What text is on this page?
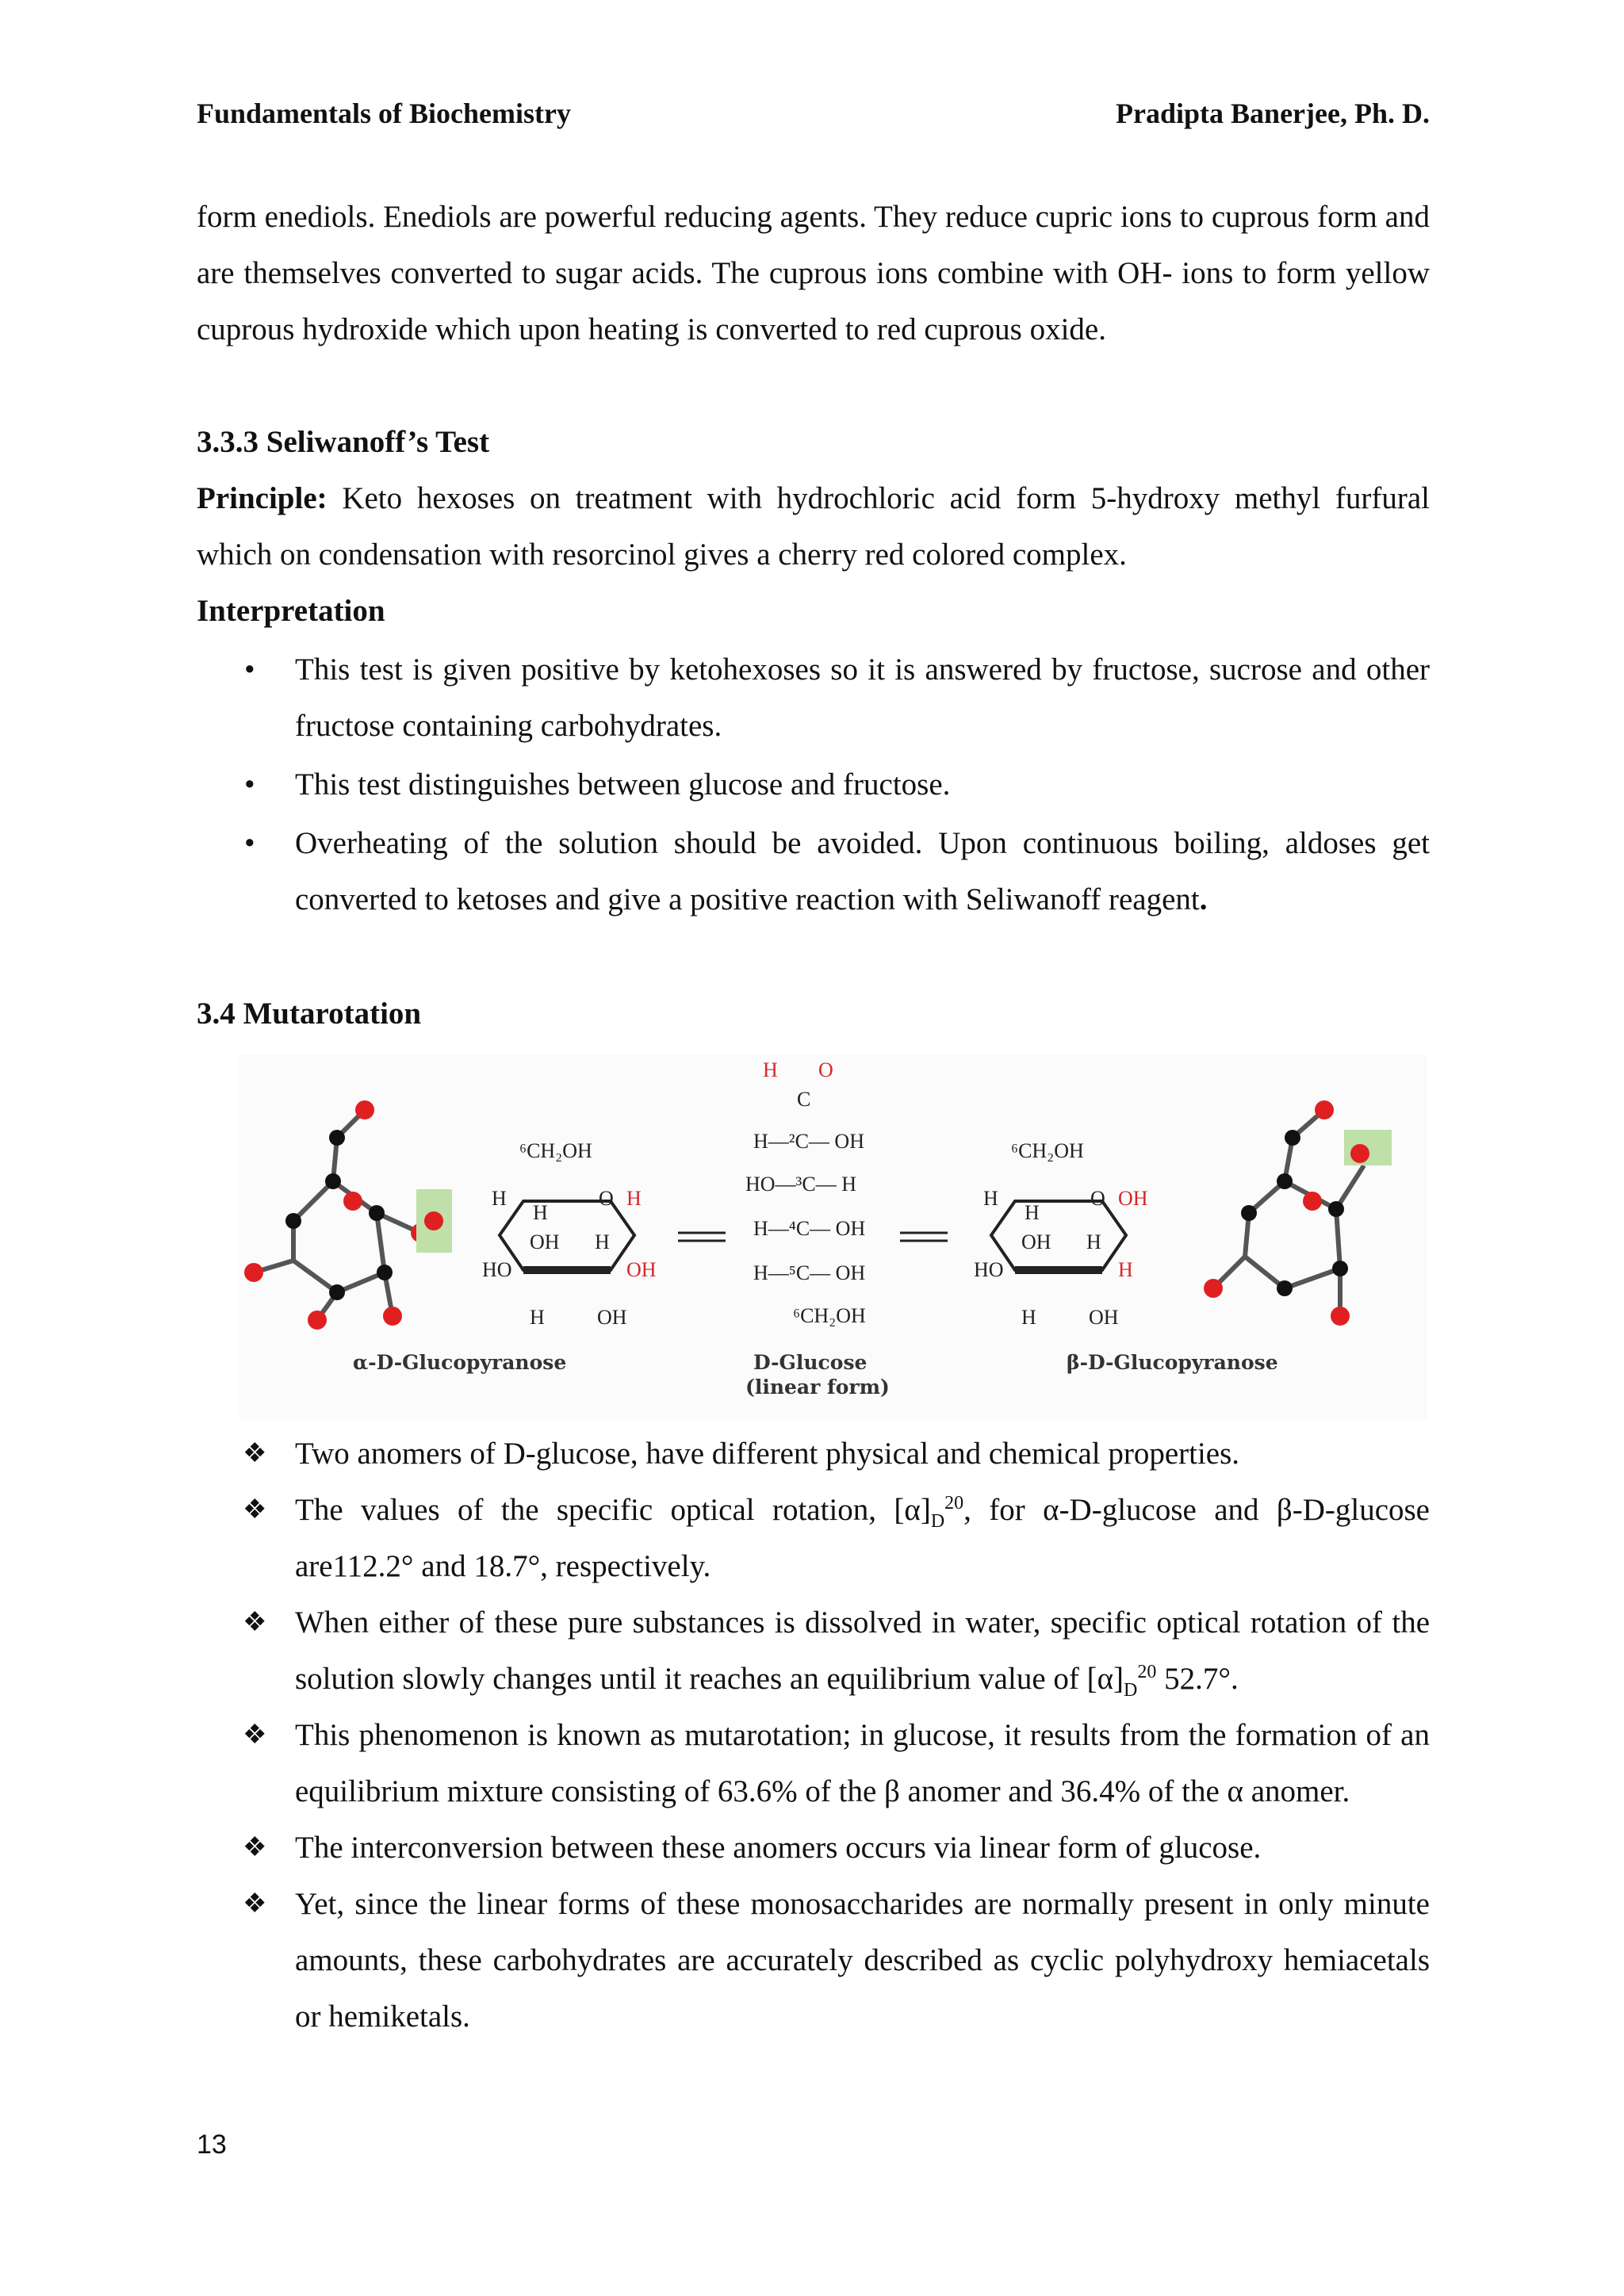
Fundamentals of Biochemistry	Pradipta Banerjee, Ph. D.

form enediols. Enediols are powerful reducing agents. They reduce cupric ions to cuprous form and are themselves converted to sugar acids. The cuprous ions combine with OH- ions to form yellow cuprous hydroxide which upon heating is converted to red cuprous oxide.

3.3.3 Seliwanoff’s Test

Principle: Keto hexoses on treatment with hydrochloric acid form 5-hydroxy methyl furfural which on condensation with resorcinol gives a cherry red colored complex.

Interpretation

• This test is given positive by ketohexoses so it is answered by fructose, sucrose and other fructose containing carbohydrates.
• This test distinguishes between glucose and fructose.
• Overheating of the solution should be avoided. Upon continuous boiling, aldoses get converted to ketoses and give a positive reaction with Seliwanoff reagent.

3.4 Mutarotation

⁶CH₂OH
O H
H
H
OH H
HO	OH
H	OH
H O
C
H—²C— OH
HO—³C— H
H—⁴C— OH
H—⁵C— OH
⁶CH₂OH
⁶CH₂OH
O OH
H
H
OH H
HO	H
H	OH
α-D-Glucopyranose	D-Glucose
(linear form)
β-D-Glucopyranose
❖ Two anomers of D-glucose, have different physical and chemical properties.
❖ The values of the specific optical rotation, $[\alpha]_D^{20}$, for α-D-glucose and β-D-glucose are112.2° and 18.7°, respectively.
❖ When either of these pure substances is dissolved in water, specific optical rotation of the solution slowly changes until it reaches an equilibrium value of $[\alpha]_D^{20}$ 52.7°.
❖ This phenomenon is known as mutarotation; in glucose, it results from the formation of an equilibrium mixture consisting of 63.6% of the β anomer and 36.4% of the α anomer.
❖ The interconversion between these anomers occurs via linear form of glucose.
❖ Yet, since the linear forms of these monosaccharides are normally present in only minute amounts, these carbohydrates are accurately described as cyclic polyhydroxy hemiacetals or hemiketals.
13
